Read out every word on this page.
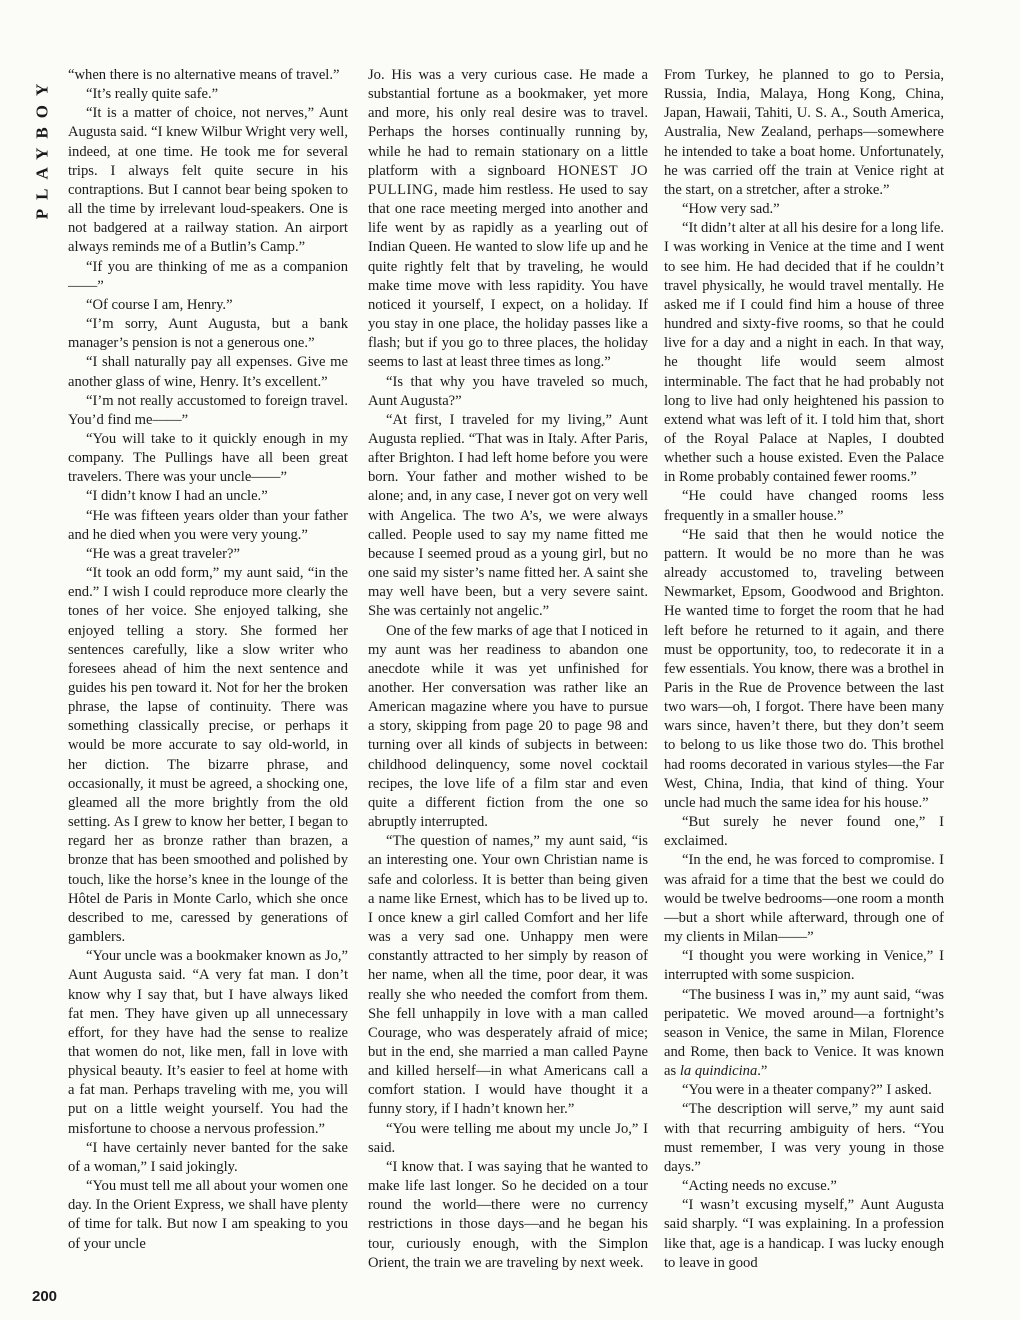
PLAYBOY
200

“when there is no alternative means of travel.”

“It’s really quite safe.”

“It is a matter of choice, not nerves,” Aunt Augusta said. “I knew Wilbur Wright very well, indeed, at one time. He took me for several trips. I always felt quite secure in his contraptions. But I cannot bear being spoken to all the time by irrelevant loud-speakers. One is not badgered at a railway station. An airport always reminds me of a Butlin’s Camp.”

“If you are thinking of me as a companion——”

“Of course I am, Henry.”

“I’m sorry, Aunt Augusta, but a bank manager’s pension is not a generous one.”

“I shall naturally pay all expenses. Give me another glass of wine, Henry. It’s excellent.”

“I’m not really accustomed to foreign travel. You’d find me——”

“You will take to it quickly enough in my company. The Pullings have all been great travelers. There was your uncle——”

“I didn’t know I had an uncle.”

“He was fifteen years older than your father and he died when you were very young.”

“He was a great traveler?”

“It took an odd form,” my aunt said, “in the end.” I wish I could reproduce more clearly the tones of her voice. She enjoyed talking, she enjoyed telling a story. She formed her sentences carefully, like a slow writer who foresees ahead of him the next sentence and guides his pen toward it. Not for her the broken phrase, the lapse of continuity. There was something classically precise, or perhaps it would be more accurate to say old-world, in her diction. The bizarre phrase, and occasionally, it must be agreed, a shocking one, gleamed all the more brightly from the old setting. As I grew to know her better, I began to regard her as bronze rather than brazen, a bronze that has been smoothed and polished by touch, like the horse’s knee in the lounge of the Hôtel de Paris in Monte Carlo, which she once described to me, caressed by generations of gamblers.

“Your uncle was a bookmaker known as Jo,” Aunt Augusta said. “A very fat man. I don’t know why I say that, but I have always liked fat men. They have given up all unnecessary effort, for they have had the sense to realize that women do not, like men, fall in love with physical beauty. It’s easier to feel at home with a fat man. Perhaps traveling with me, you will put on a little weight yourself. You had the misfortune to choose a nervous profession.”

“I have certainly never banted for the sake of a woman,” I said jokingly.

“You must tell me all about your women one day. In the Orient Express, we shall have plenty of time for talk. But now I am speaking to you of your uncle

Jo. His was a very curious case. He made a substantial fortune as a bookmaker, yet more and more, his only real desire was to travel. Perhaps the horses continually running by, while he had to remain stationary on a little platform with a signboard HONEST JO PULLING, made him restless. He used to say that one race meeting merged into another and life went by as rapidly as a yearling out of Indian Queen. He wanted to slow life up and he quite rightly felt that by traveling, he would make time move with less rapidity. You have noticed it yourself, I expect, on a holiday. If you stay in one place, the holiday passes like a flash; but if you go to three places, the holiday seems to last at least three times as long.”

“Is that why you have traveled so much, Aunt Augusta?”

“At first, I traveled for my living,” Aunt Augusta replied. “That was in Italy. After Paris, after Brighton. I had left home before you were born. Your father and mother wished to be alone; and, in any case, I never got on very well with Angelica. The two A’s, we were always called. People used to say my name fitted me because I seemed proud as a young girl, but no one said my sister’s name fitted her. A saint she may well have been, but a very severe saint. She was certainly not angelic.”

One of the few marks of age that I noticed in my aunt was her readiness to abandon one anecdote while it was yet unfinished for another. Her conversation was rather like an American magazine where you have to pursue a story, skipping from page 20 to page 98 and turning over all kinds of subjects in between: childhood delinquency, some novel cocktail recipes, the love life of a film star and even quite a different fiction from the one so abruptly interrupted.

“The question of names,” my aunt said, “is an interesting one. Your own Christian name is safe and colorless. It is better than being given a name like Ernest, which has to be lived up to. I once knew a girl called Comfort and her life was a very sad one. Unhappy men were constantly attracted to her simply by reason of her name, when all the time, poor dear, it was really she who needed the comfort from them. She fell unhappily in love with a man called Courage, who was desperately afraid of mice; but in the end, she married a man called Payne and killed herself—in what Americans call a comfort station. I would have thought it a funny story, if I hadn’t known her.”

“You were telling me about my uncle Jo,” I said.

“I know that. I was saying that he wanted to make life last longer. So he decided on a tour round the world—there were no currency restrictions in those days—and he began his tour, curiously enough, with the Simplon Orient, the train we are traveling by next week.

From Turkey, he planned to go to Persia, Russia, India, Malaya, Hong Kong, China, Japan, Hawaii, Tahiti, U. S. A., South America, Australia, New Zealand, perhaps—somewhere he intended to take a boat home. Unfortunately, he was carried off the train at Venice right at the start, on a stretcher, after a stroke.”

“How very sad.”

“It didn’t alter at all his desire for a long life. I was working in Venice at the time and I went to see him. He had decided that if he couldn’t travel physically, he would travel mentally. He asked me if I could find him a house of three hundred and sixty-five rooms, so that he could live for a day and a night in each. In that way, he thought life would seem almost interminable. The fact that he had probably not long to live had only heightened his passion to extend what was left of it. I told him that, short of the Royal Palace at Naples, I doubted whether such a house existed. Even the Palace in Rome probably contained fewer rooms.”

“He could have changed rooms less frequently in a smaller house.”

“He said that then he would notice the pattern. It would be no more than he was already accustomed to, traveling between Newmarket, Epsom, Goodwood and Brighton. He wanted time to forget the room that he had left before he returned to it again, and there must be opportunity, too, to redecorate it in a few essentials. You know, there was a brothel in Paris in the Rue de Provence between the last two wars—oh, I forgot. There have been many wars since, haven’t there, but they don’t seem to belong to us like those two do. This brothel had rooms decorated in various styles—the Far West, China, India, that kind of thing. Your uncle had much the same idea for his house.”

“But surely he never found one,” I exclaimed.

“In the end, he was forced to compromise. I was afraid for a time that the best we could do would be twelve bedrooms—one room a month—but a short while afterward, through one of my clients in Milan——”

“I thought you were working in Venice,” I interrupted with some suspicion.

“The business I was in,” my aunt said, “was peripatetic. We moved around—a fortnight’s season in Venice, the same in Milan, Florence and Rome, then back to Venice. It was known as la quindicina.”

“You were in a theater company?” I asked.

“The description will serve,” my aunt said with that recurring ambiguity of hers. “You must remember, I was very young in those days.”

“Acting needs no excuse.”

“I wasn’t excusing myself,” Aunt Augusta said sharply. “I was explaining. In a profession like that, age is a handicap. I was lucky enough to leave in good
